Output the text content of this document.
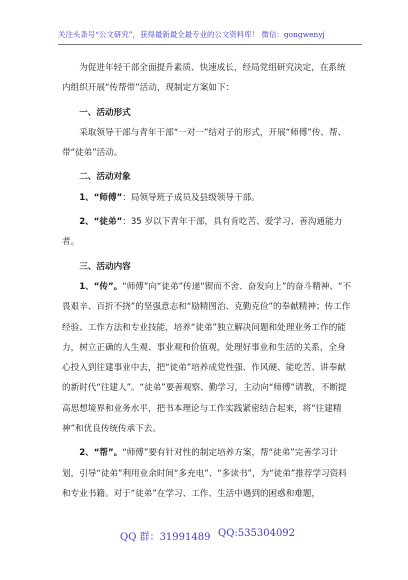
关注头条号“公文研究”，获得最新最全最专业的公文资料库！ 微信：gongwenyj

为促进年轻干部全面提升素质、快速成长，经局党组研究决定，在系统内组织开展“传帮带”活动，现制定方案如下：

一、活动形式

采取领导干部与青年干部“一对一”结对子的形式，开展“师傅”传、帮、带“徒弟”活动。

二、活动对象

1、“师傅”：局领导班子成员及县级领导干部。

2、“徒弟”：35 岁以下青年干部，具有肯吃苦、爱学习、善沟通能力者。

三、活动内容

1、“传”。“师傅”向“徒弟”传递“锲而不舍、奋发向上”的奋斗精神、“不畏艰辛、百折不挠”的坚强意志和“励精图治、克勤克俭”的奉献精神；传工作经验、工作方法和专业技能，培养“徒弟”独立解决问题和处理业务工作的能力，树立正确的人生观、事业观和价值观，处理好事业和生活的关系，全身心投入到往建事业中去，把“徒弟”培养成党性强、作风硬、能吃苦、讲奉献的新时代“往建人”。“徒弟”要善观察、勤学习，主动向“师傅”请教，不断提高思想境界和业务水平，把书本理论与工作实践紧密结合起来，将“往建精神”和优良传统传承下去。

2、“帮”。“师傅”要有针对性的制定培养方案，帮“徒弟”完善学习计划，引导“徒弟”利用业余时间“多充电”、“多读书”，为“徒弟”推荐学习资料和专业书籍。对于“徒弟”在学习、工作、生活中遇到的困惑和难题，

QQ 群：31991489 QQ:535304092
